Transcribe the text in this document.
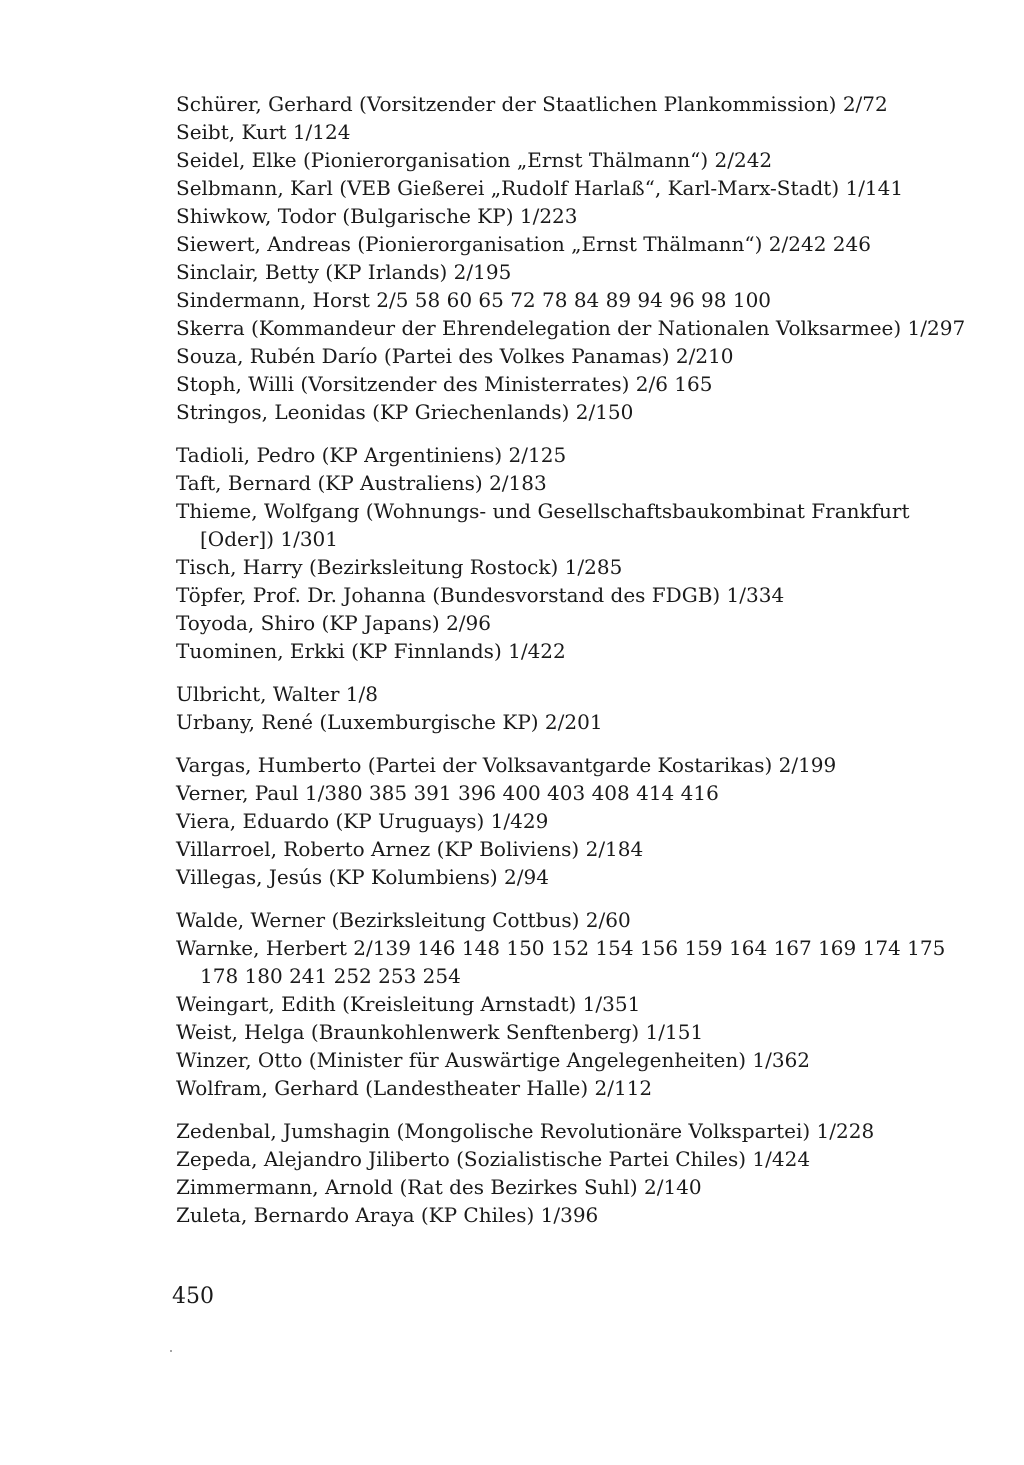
Schürer, Gerhard (Vorsitzender der Staatlichen Plankommission) 2/72

Seibt, Kurt 1/124

Seidel, Elke (Pionierorganisation „Ernst Thälmann“) 2/242

Selbmann, Karl (VEB Gießerei „Rudolf Harlaß“, Karl-Marx-Stadt) 1/141

Shiwkow, Todor (Bulgarische KP) 1/223

Siewert, Andreas (Pionierorganisation „Ernst Thälmann“) 2/242 246

Sinclair, Betty (KP Irlands) 2/195

Sindermann, Horst 2/5 58 60 65 72 78 84 89 94 96 98 100

Skerra (Kommandeur der Ehrendelegation der Nationalen Volksarmee) 1/297

Souza, Rubén Darío (Partei des Volkes Panamas) 2/210

Stoph, Willi (Vorsitzender des Ministerrates) 2/6 165

Stringos, Leonidas (KP Griechenlands) 2/150

Tadioli, Pedro (KP Argentiniens) 2/125

Taft, Bernard (KP Australiens) 2/183

Thieme, Wolfgang (Wohnungs- und Gesellschaftsbaukombinat Frankfurt [Oder]) 1/301

Tisch, Harry (Bezirksleitung Rostock) 1/285

Töpfer, Prof. Dr. Johanna (Bundesvorstand des FDGB) 1/334

Toyoda, Shiro (KP Japans) 2/96

Tuominen, Erkki (KP Finnlands) 1/422

Ulbricht, Walter 1/8

Urbany, René (Luxemburgische KP) 2/201

Vargas, Humberto (Partei der Volksavantgarde Kostarikas) 2/199

Verner, Paul 1/380 385 391 396 400 403 408 414 416

Viera, Eduardo (KP Uruguays) 1/429

Villarroel, Roberto Arnez (KP Boliviens) 2/184

Villegas, Jesús (KP Kolumbiens) 2/94

Walde, Werner (Bezirksleitung Cottbus) 2/60

Warnke, Herbert 2/139 146 148 150 152 154 156 159 164 167 169 174 175 178 180 241 252 253 254

Weingart, Edith (Kreisleitung Arnstadt) 1/351

Weist, Helga (Braunkohlenwerk Senftenberg) 1/151

Winzer, Otto (Minister für Auswärtige Angelegenheiten) 1/362

Wolfram, Gerhard (Landestheater Halle) 2/112

Zedenbal, Jumshagin (Mongolische Revolutionäre Volkspartei) 1/228

Zepeda, Alejandro Jiliberto (Sozialistische Partei Chiles) 1/424

Zimmermann, Arnold (Rat des Bezirkes Suhl) 2/140

Zuleta, Bernardo Araya (KP Chiles) 1/396

450
